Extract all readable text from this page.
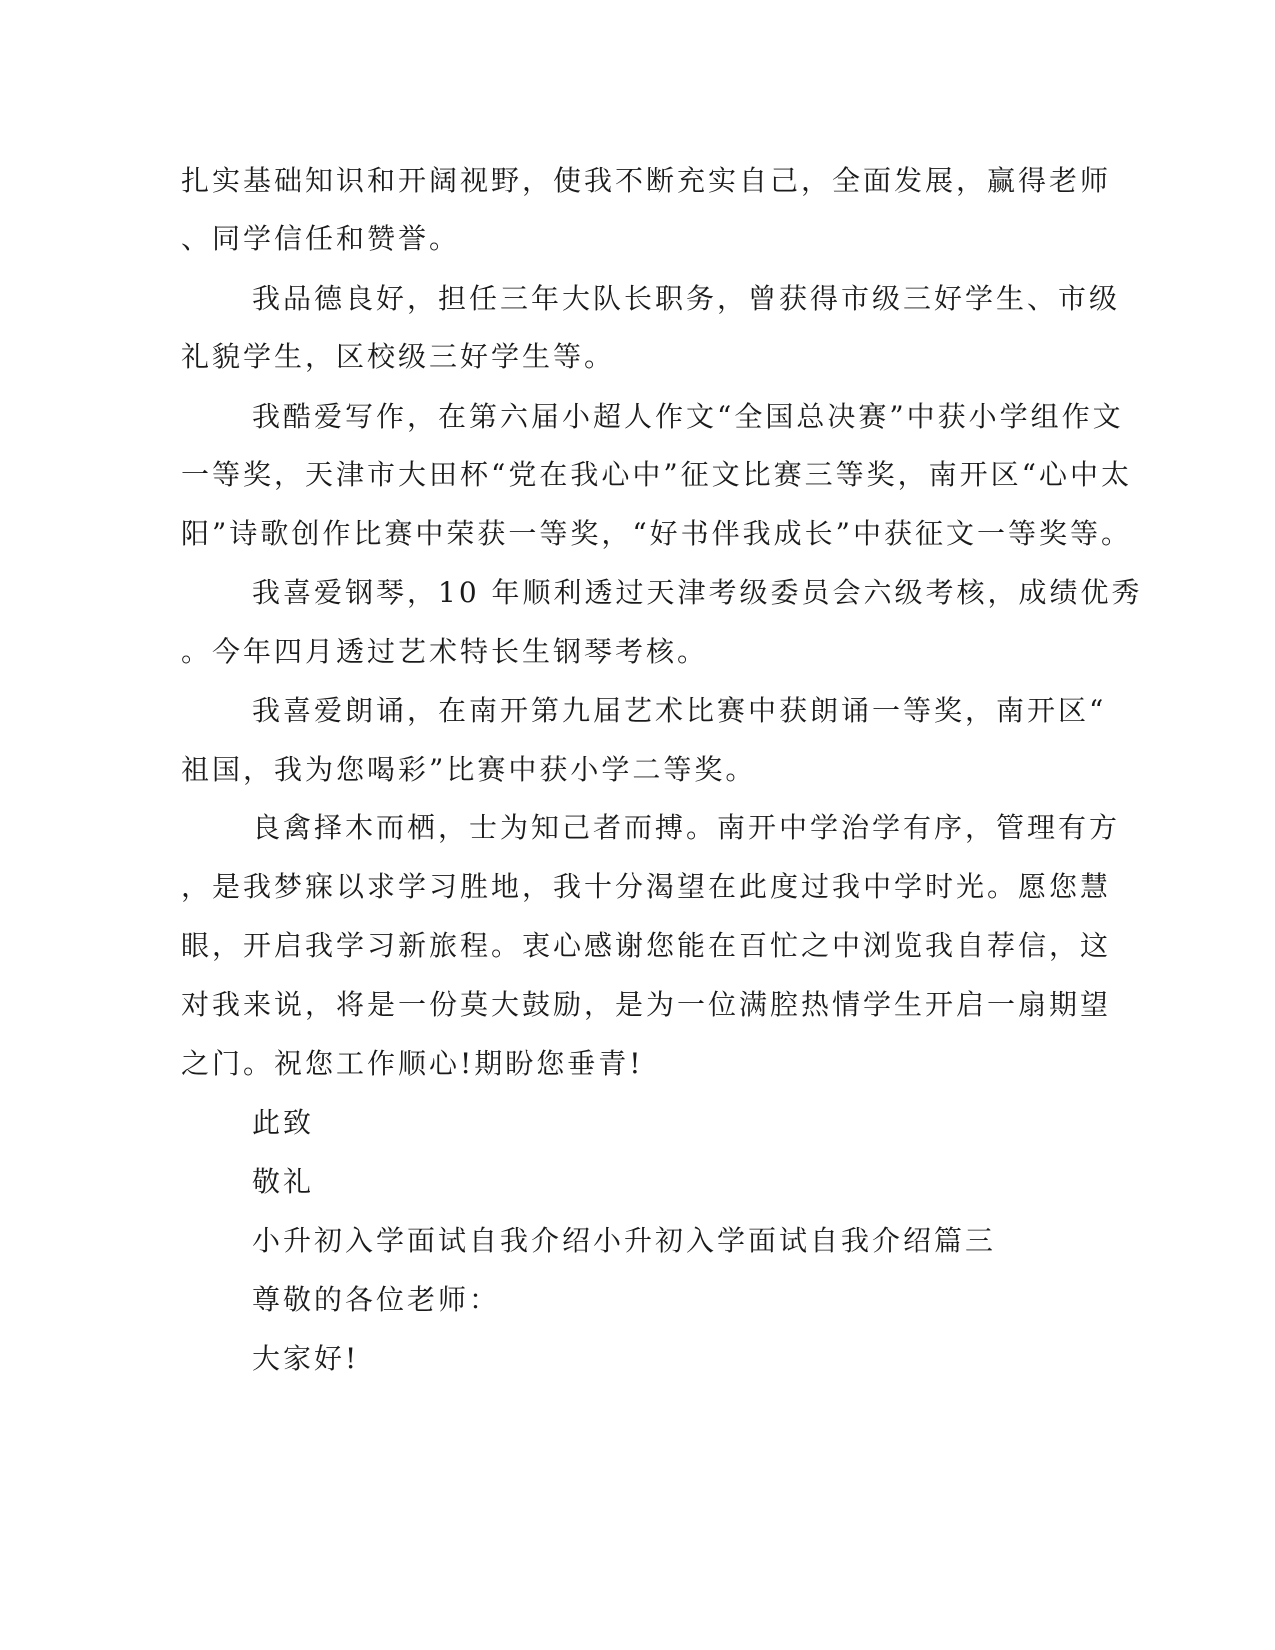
扎实基础知识和开阔视野，使我不断充实自己，全面发展，赢得老师

、同学信任和赞誉。

我品德良好，担任三年大队长职务，曾获得市级三好学生、市级

礼貌学生，区校级三好学生等。

我酷爱写作，在第六届小超人作文“全国总决赛”中获小学组作文

一等奖，天津市大田杯“党在我心中”征文比赛三等奖，南开区“心中太

阳”诗歌创作比赛中荣获一等奖，“好书伴我成长”中获征文一等奖等。

我喜爱钢琴，10 年顺利透过天津考级委员会六级考核，成绩优秀

。今年四月透过艺术特长生钢琴考核。

我喜爱朗诵，在南开第九届艺术比赛中获朗诵一等奖，南开区“

祖国，我为您喝彩”比赛中获小学二等奖。

良禽择木而栖，士为知己者而搏。南开中学治学有序，管理有方

，是我梦寐以求学习胜地，我十分渴望在此度过我中学时光。愿您慧

眼，开启我学习新旅程。衷心感谢您能在百忙之中浏览我自荐信，这

对我来说，将是一份莫大鼓励，是为一位满腔热情学生开启一扇期望

之门。祝您工作顺心!期盼您垂青!

此致

敬礼

小升初入学面试自我介绍小升初入学面试自我介绍篇三

尊敬的各位老师：

大家好!
